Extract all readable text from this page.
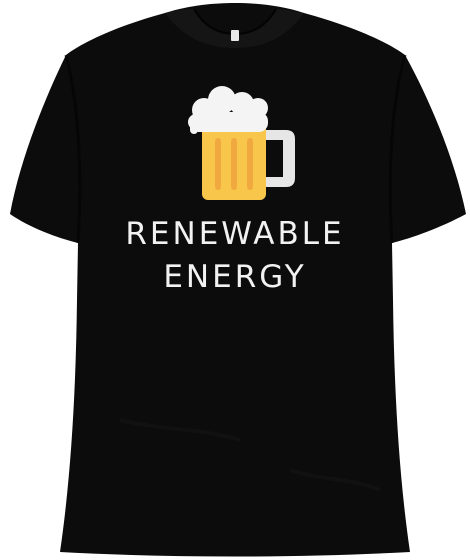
RENEWABLE
ENERGY
